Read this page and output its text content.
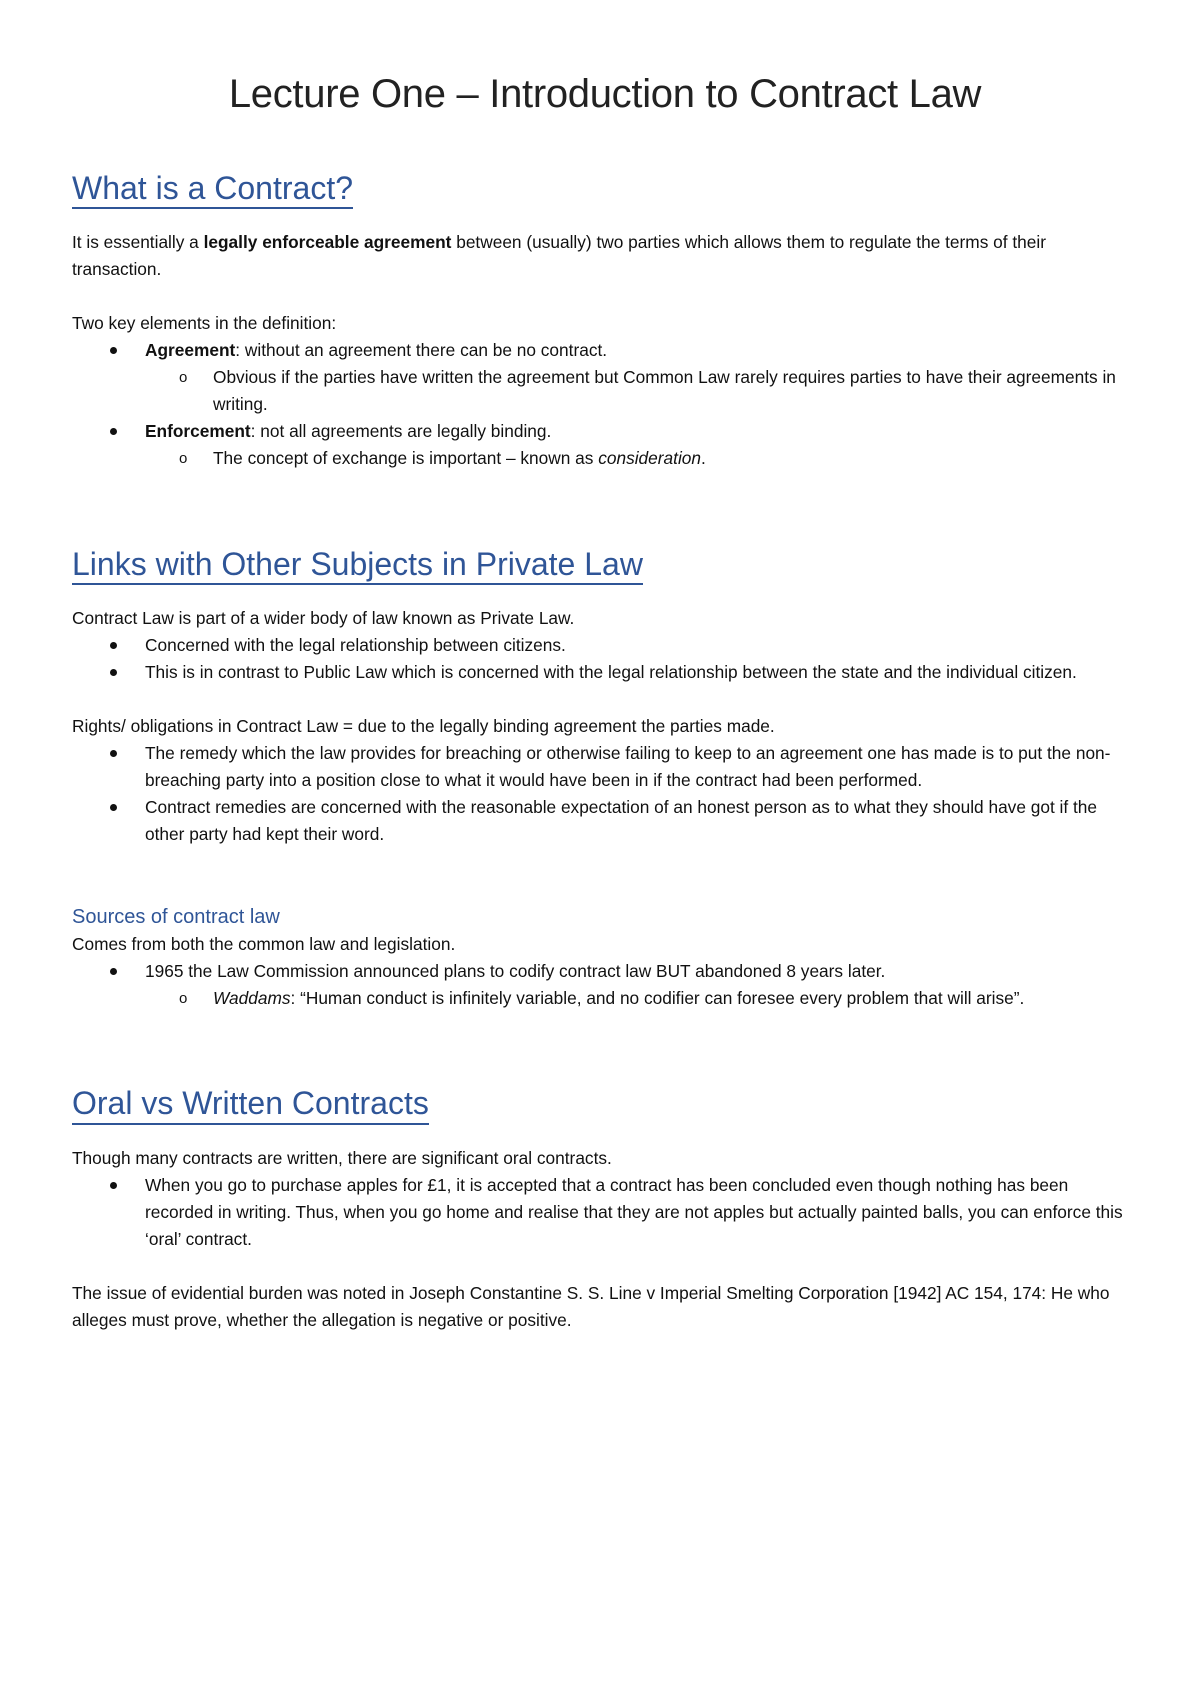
Lecture One – Introduction to Contract Law
What is a Contract?

It is essentially a legally enforceable agreement between (usually) two parties which allows them to regulate the terms of their transaction.

Two key elements in the definition:

Agreement: without an agreement there can be no contract.
o Obvious if the parties have written the agreement but Common Law rarely requires parties to have their agreements in writing.
Enforcement: not all agreements are legally binding.
o The concept of exchange is important – known as consideration.
Links with Other Subjects in Private Law

Contract Law is part of a wider body of law known as Private Law.

Concerned with the legal relationship between citizens.
This is in contrast to Public Law which is concerned with the legal relationship between the state and the individual citizen.

Rights/ obligations in Contract Law = due to the legally binding agreement the parties made.

The remedy which the law provides for breaching or otherwise failing to keep to an agreement one has made is to put the non-breaching party into a position close to what it would have been in if the contract had been performed.
Contract remedies are concerned with the reasonable expectation of an honest person as to what they should have got if the other party had kept their word.
Sources of contract law

Comes from both the common law and legislation.

1965 the Law Commission announced plans to codify contract law BUT abandoned 8 years later.
o Waddams: “Human conduct is infinitely variable, and no codifier can foresee every problem that will arise”.
Oral vs Written Contracts

Though many contracts are written, there are significant oral contracts.

When you go to purchase apples for £1, it is accepted that a contract has been concluded even though nothing has been recorded in writing. Thus, when you go home and realise that they are not apples but actually painted balls, you can enforce this ‘oral’ contract.

The issue of evidential burden was noted in Joseph Constantine S. S. Line v Imperial Smelting Corporation [1942] AC 154, 174: He who alleges must prove, whether the allegation is negative or positive.
